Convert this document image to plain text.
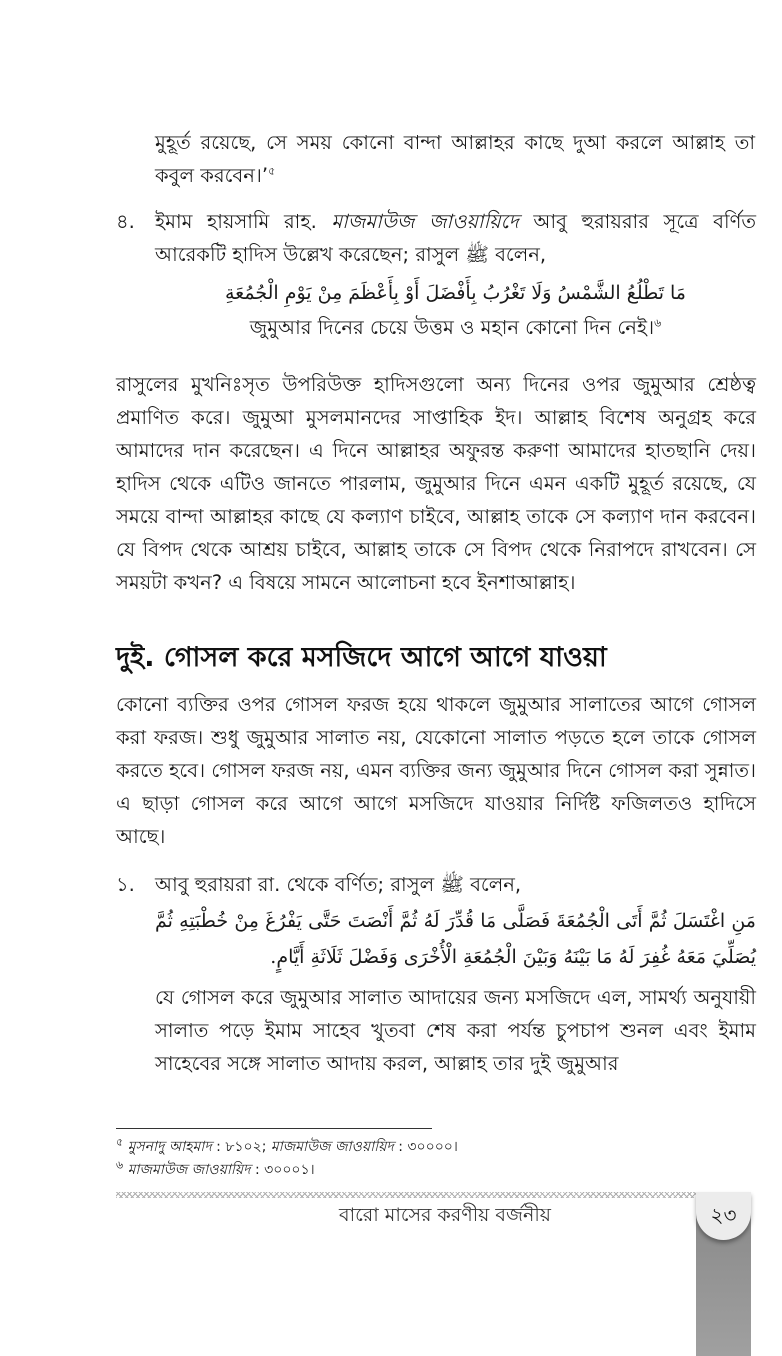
মুহূর্ত রয়েছে, সে সময় কোনো বান্দা আল্লাহর কাছে দুআ করলে আল্লাহ তা কবুল করবেন।’$^৫$
৪. ইমাম হায়সামি রাহ. মাজমাউজ জাওয়ায়িদে আবু হুরায়রার সূত্রে বর্ণিত আরেকটি হাদিস উল্লেখ করেছেন; রাসুল ﷺ বলেন,
مَا تَطْلُعُ الشَّمْسُ وَلَا تَغْرُبُ بِأَفْضَلَ أَوْ بِأَعْظَمَ مِنْ يَوْمِ الْجُمُعَةِ
জুমুআর দিনের চেয়ে উত্তম ও মহান কোনো দিন নেই।$^৬$
রাসুলের মুখনিঃসৃত উপরিউক্ত হাদিসগুলো অন্য দিনের ওপর জুমুআর শ্রেষ্ঠত্ব প্রমাণিত করে। জুমুআ মুসলমানদের সাপ্তাহিক ইদ। আল্লাহ বিশেষ অনুগ্রহ করে আমাদের দান করেছেন। এ দিনে আল্লাহর অফুরন্ত করুণা আমাদের হাতছানি দেয়। হাদিস থেকে এটিও জানতে পারলাম, জুমুআর দিনে এমন একটি মুহূর্ত রয়েছে, যে সময়ে বান্দা আল্লাহর কাছে যে কল্যাণ চাইবে, আল্লাহ তাকে সে কল্যাণ দান করবেন। যে বিপদ থেকে আশ্রয় চাইবে, আল্লাহ তাকে সে বিপদ থেকে নিরাপদে রাখবেন। সে সময়টা কখন? এ বিষয়ে সামনে আলোচনা হবে ইনশাআল্লাহ।
দুই. গোসল করে মসজিদে আগে আগে যাওয়া
কোনো ব্যক্তির ওপর গোসল ফরজ হয়ে থাকলে জুমুআর সালাতের আগে গোসল করা ফরজ। শুধু জুমুআর সালাত নয়, যেকোনো সালাত পড়তে হলে তাকে গোসল করতে হবে। গোসল ফরজ নয়, এমন ব্যক্তির জন্য জুমুআর দিনে গোসল করা সুন্নাত। এ ছাড়া গোসল করে আগে আগে মসজিদে যাওয়ার নির্দিষ্ট ফজিলতও হাদিসে আছে।
১. আবু হুরায়রা রা. থেকে বর্ণিত; রাসুল ﷺ বলেন,
مَنِ اغْتَسَلَ ثُمَّ أَتَى الْجُمُعَةَ فَصَلَّى مَا قُدِّرَ لَهُ ثُمَّ أَنْصَتَ حَتَّى يَفْرُغَ مِنْ خُطْبَتِهِ ثُمَّ يُصَلِّيَ مَعَهُ غُفِرَ لَهُ مَا بَيْنَهُ وَبَيْنَ الْجُمُعَةِ الْأُخْرَى وَفَضْلَ ثَلَاثَةِ أَيَّامٍ.
যে গোসল করে জুমুআর সালাত আদায়ের জন্য মসজিদে এল, সামর্থ্য অনুযায়ী সালাত পড়ে ইমাম সাহেব খুতবা শেষ করা পর্যন্ত চুপচাপ শুনল এবং ইমাম সাহেবের সঙ্গে সালাত আদায় করল, আল্লাহ তার দুই জুমুআর
$^৫$ মুসনাদু আহমাদ : ৮১০২; মাজমাউজ জাওয়ায়িদ : ৩০০০০।
$^৬$ মাজমাউজ জাওয়ায়িদ : ৩০০০১।
বারো মাসের করণীয় বর্জনীয়	২৩
